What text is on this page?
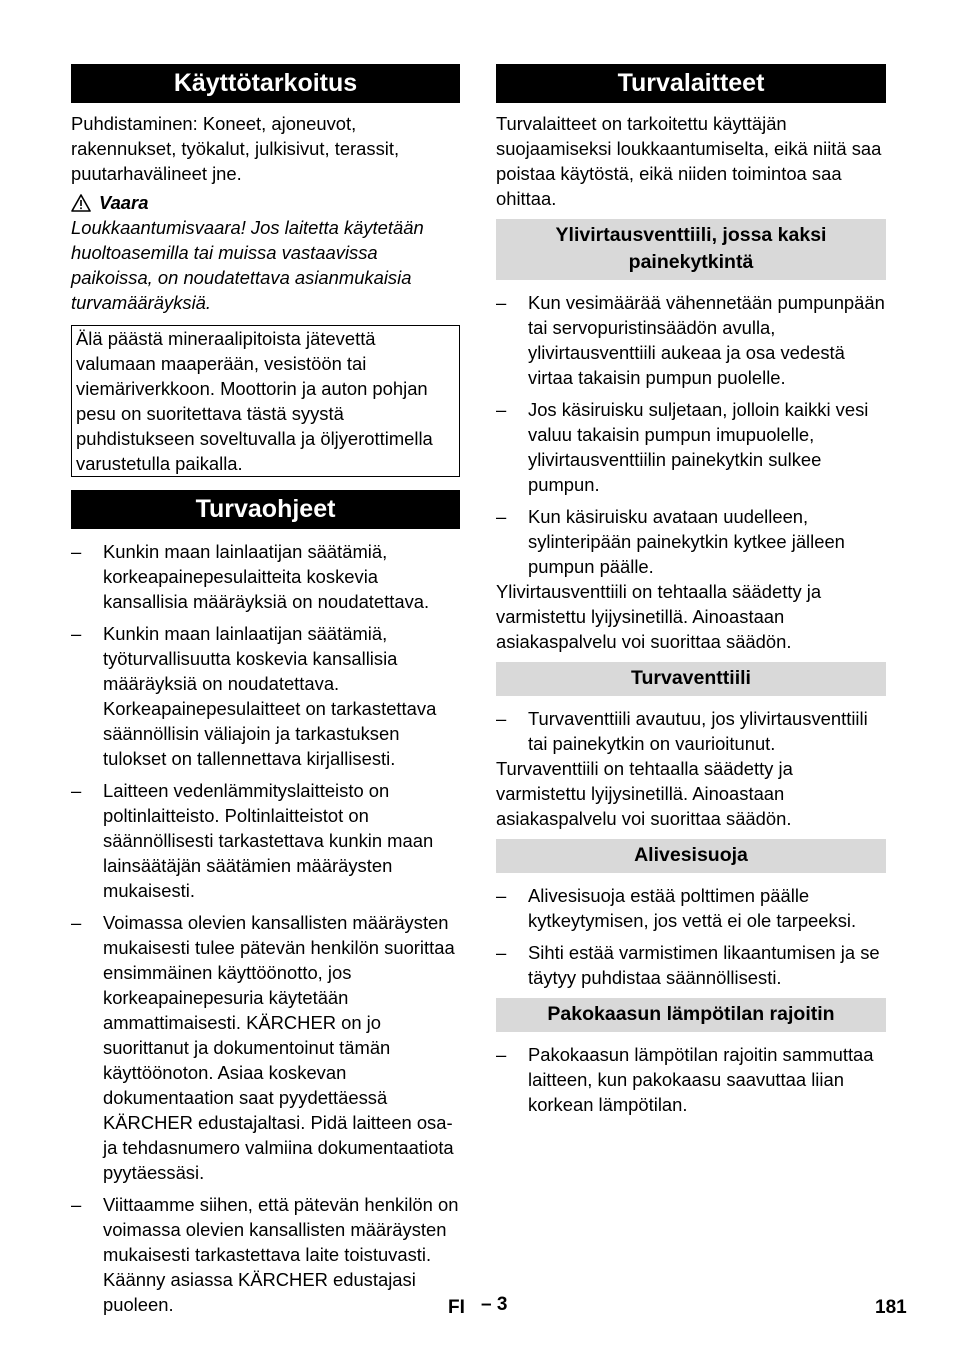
Käyttötarkoitus
Puhdistaminen: Koneet, ajoneuvot, rakennukset, työkalut, julkisivut, terassit, puutarhavälineet jne.
Vaara
Loukkaantumisvaara! Jos laitetta käytetään huoltoasemilla tai muissa vastaavissa paikoissa, on noudatettava asianmukaisia turvamääräyksiä.
Älä päästä mineraalipitoista jätevettä valumaan maaperään, vesistöön tai viemäriverkkoon. Moottorin ja auton pohjan pesu on suoritettava tästä syystä puhdistukseen soveltuvalla ja öljyerottimella varustetulla paikalla.
Turvaohjeet
– Kunkin maan lainlaatijan säätämiä, korkeapainepesulaitteita koskevia kansallisia määräyksiä on noudatettava.
– Kunkin maan lainlaatijan säätämiä, työturvallisuutta koskevia kansallisia määräyksiä on noudatettava. Korkeapainepesulaitteet on tarkastettava säännöllisin väliajoin ja tarkastuksen tulokset on tallennettava kirjallisesti.
– Laitteen vedenlämmityslaitteisto on poltinlaitteisto. Poltinlaitteistot on säännöllisesti tarkastettava kunkin maan lainsäätäjän säätämien määräysten mukaisesti.
– Voimassa olevien kansallisten määräysten mukaisesti tulee pätevän henkilön suorittaa ensimmäinen käyttöönotto, jos korkeapainepesuria käytetään ammattimaisesti. KÄRCHER on jo suorittanut ja dokumentoinut tämän käyttöönoton. Asiaa koskevan dokumentaation saat pyydettäessä KÄRCHER edustajaltasi. Pidä laitteen osa- ja tehdasnumero valmiina dokumentaatiota pyytäessäsi.
– Viittaamme siihen, että pätevän henkilön on voimassa olevien kansallisten määräysten mukaisesti tarkastettava laite toistuvasti. Käänny asiassa KÄRCHER edustajasi puoleen.
Turvalaitteet
Turvalaitteet on tarkoitettu käyttäjän suojaamiseksi loukkaantumiselta, eikä niitä saa poistaa käytöstä, eikä niiden toimintoa saa ohittaa.
Ylivirtausventtiili, jossa kaksi painekytkintä
– Kun vesimäärää vähennetään pumpunpään tai servopuristinsäädön avulla, ylivirtausventtiili aukeaa ja osa vedestä virtaa takaisin pumpun puolelle.
– Jos käsiruisku suljetaan, jolloin kaikki vesi valuu takaisin pumpun imupuolelle, ylivirtausventtiilin painekytkin sulkee pumpun.
– Kun käsiruisku avataan uudelleen, sylinteripään painekytkin kytkee jälleen pumpun päälle.
Ylivirtausventtiili on tehtaalla säädetty ja varmistettu lyijysinetillä. Ainoastaan asiakaspalvelu voi suorittaa säädön.
Turvaventtiili
– Turvaventtiili avautuu, jos ylivirtausventtiili tai painekytkin on vaurioitunut.
Turvaventtiili on tehtaalla säädetty ja varmistettu lyijysinetillä. Ainoastaan asiakaspalvelu voi suorittaa säädön.
Alivesisuoja
– Alivesisuoja estää polttimen päälle kytkeytymisen, jos vettä ei ole tarpeeksi.
– Sihti estää varmistimen likaantumisen ja se täytyy puhdistaa säännöllisesti.
Pakokaasun lämpötilan rajoitin
– Pakokaasun lämpötilan rajoitin sammuttaa laitteen, kun pakokaasu saavuttaa liian korkean lämpötilan.
FI – 3	181
